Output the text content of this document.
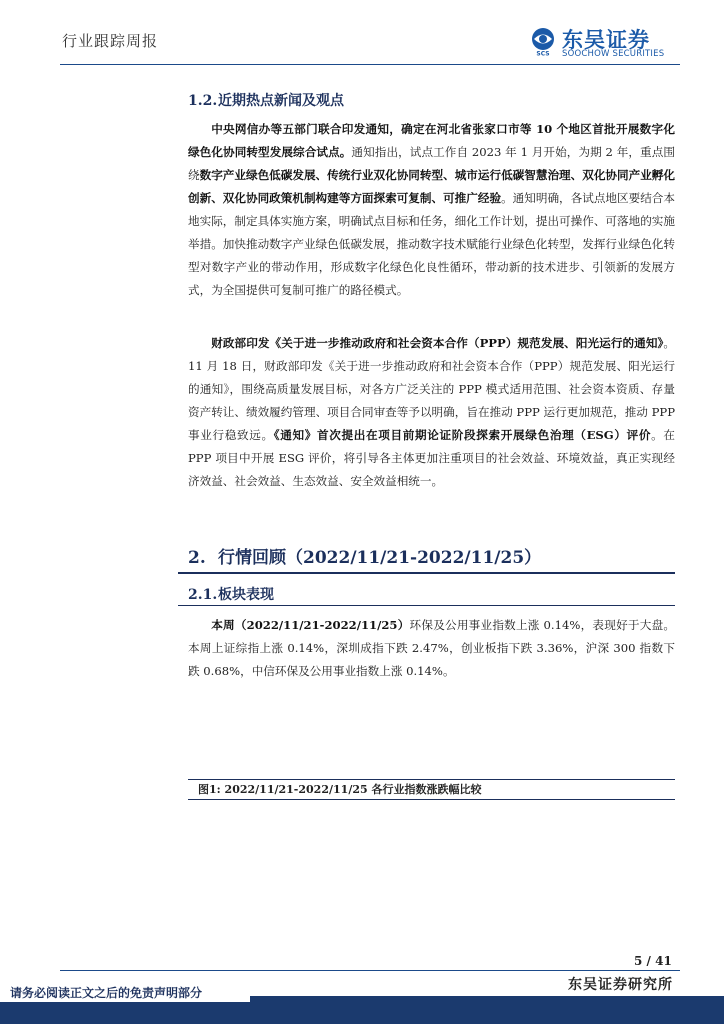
行业跟踪周报
SCS
东吴证券
SOOCHOW SECURITIES
1.2.近期热点新闻及观点

中央网信办等五部门联合印发通知，确定在河北省张家口市等 10 个地区首批开展数字化绿色化协同转型发展综合试点。通知指出，试点工作自 2023 年 1 月开始，为期 2 年，重点围绕数字产业绿色低碳发展、传统行业双化协同转型、城市运行低碳智慧治理、双化协同产业孵化创新、双化协同政策机制构建等方面探索可复制、可推广经验。通知明确，各试点地区要结合本地实际，制定具体实施方案，明确试点目标和任务，细化工作计划，提出可操作、可落地的实施举措。加快推动数字产业绿色低碳发展，推动数字技术赋能行业绿色化转型，发挥行业绿色化转型对数字产业的带动作用，形成数字化绿色化良性循环，带动新的技术进步、引领新的发展方式，为全国提供可复制可推广的路径模式。

财政部印发《关于进一步推动政府和社会资本合作（PPP）规范发展、阳光运行的通知》。11 月 18 日，财政部印发《关于进一步推动政府和社会资本合作（PPP）规范发展、阳光运行的通知》，围绕高质量发展目标，对各方广泛关注的 PPP 模式适用范围、社会资本资质、存量资产转让、绩效履约管理、项目合同审查等予以明确，旨在推动 PPP 运行更加规范，推动 PPP 事业行稳致远。《通知》首次提出在项目前期论证阶段探索开展绿色治理（ESG）评价。在 PPP 项目中开展 ESG 评价，将引导各主体更加注重项目的社会效益、环境效益，真正实现经济效益、社会效益、生态效益、安全效益相统一。

2. 行情回顾（2022/11/21-2022/11/25）
2.1.板块表现

本周（2022/11/21-2022/11/25）环保及公用事业指数上涨 0.14%，表现好于大盘。本周上证综指上涨 0.14%，深圳成指下跌 2.47%，创业板指下跌 3.36%，沪深 300 指数下跌 0.68%，中信环保及公用事业指数上涨 0.14%。

图1: 2022/11/21-2022/11/25 各行业指数涨跌幅比较
5 / 41
东吴证券研究所
请务必阅读正文之后的免责声明部分
